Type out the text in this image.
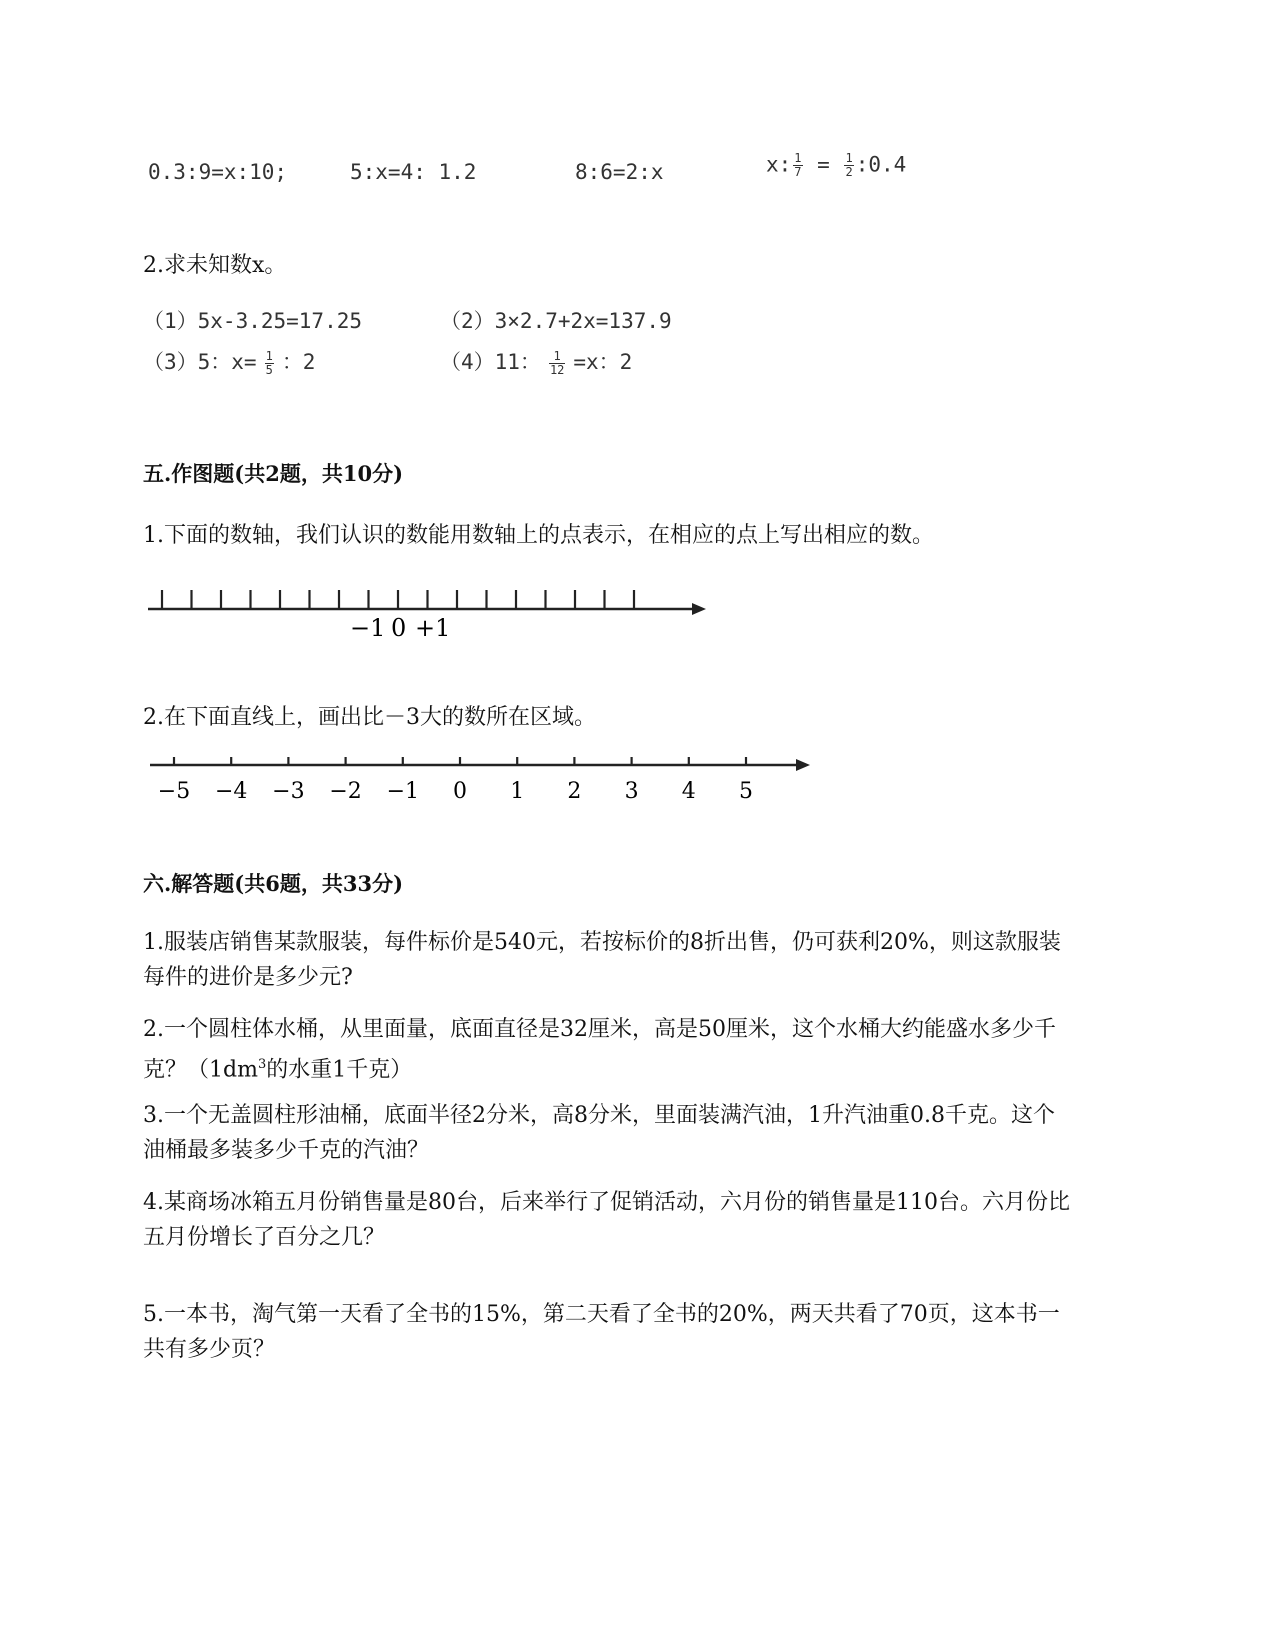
0.3:9=x:10;	5:x=4: 1.2	8:6=2:x	x: $\frac{1}{7} = \frac{1}{2}$ :0.4
2.求未知数x。
（1）5x-3.25=17.25	（2）3×2.7+2x=137.9
（3）5：$x= \frac{1}{5}$ ：2	（4）11： $\frac{1}{12} =x$：2
五.作图题(共2题，共10分)
1.下面的数轴，我们认识的数能用数轴上的点表示，在相应的点上写出相应的数。
−1 0 +1
2.在下面直线上，画出比－3大的数所在区域。
−5 −4 −3 −2 −1 0 1 2 3 4 5
六.解答题(共6题，共33分)
1.服装店销售某款服装，每件标价是540元，若按标价的8折出售，仍可获利20%，则这款服装每件的进价是多少元?
2.一个圆柱体水桶，从里面量，底面直径是32厘米，高是50厘米，这个水桶大约能盛水多少千克？（$1dm^3$的水重1千克）
3.一个无盖圆柱形油桶，底面半径2分米，高8分米，里面装满汽油，1升汽油重0.8千克。这个油桶最多装多少千克的汽油？
4.某商场冰箱五月份销售量是80台，后来举行了促销活动，六月份的销售量是110台。六月份比五月份增长了百分之几？
5.一本书，淘气第一天看了全书的15%，第二天看了全书的20%，两天共看了70页，这本书一共有多少页？
